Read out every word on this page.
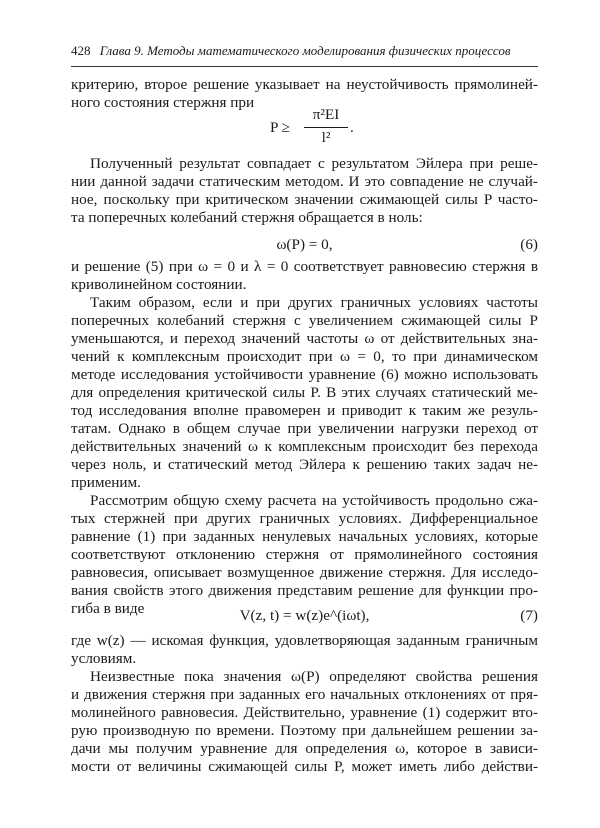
428 Глава 9. Методы математического моделирования физических процессов
критерию, второе решение указывает на неустойчивость прямолиней-
ного состояния стержня при
P ≥
π²EI
l²
.
Полученный результат совпадает с результатом Эйлера при реше-
нии данной задачи статическим методом. И это совпадение не случай-
ное, поскольку при критическом значении сжимающей силы P часто-
та поперечных колебаний стержня обращается в ноль:
ω(P) = 0,	(6)
и решение (5) при ω = 0 и λ = 0 соответствует равновесию стержня в
криволинейном состоянии.
Таким образом, если и при других граничных условиях частоты
поперечных колебаний стержня с увеличением сжимающей силы P
уменьшаются, и переход значений частоты ω от действительных зна-
чений к комплексным происходит при ω = 0, то при динамическом
методе исследования устойчивости уравнение (6) можно использовать
для определения критической силы P. В этих случаях статический ме-
тод исследования вполне правомерен и приводит к таким же резуль-
татам. Однако в общем случае при увеличении нагрузки переход от
действительных значений ω к комплексным происходит без перехода
через ноль, и статический метод Эйлера к решению таких задач не-
применим.
Рассмотрим общую схему расчета на устойчивость продольно сжа-
тых стержней при других граничных условиях. Дифференциальное
равнение (1) при заданных ненулевых начальных условиях, которые
соответствуют отклонению стержня от прямолинейного состояния
равновесия, описывает возмущенное движение стержня. Для исследо-
вания свойств этого движения представим решение для функции про-
гиба в виде	V(z, t) = w(z)e^(iωt),	(7)
где w(z) — искомая функция, удовлетворяющая заданным граничным
условиям.
Неизвестные пока значения ω(P) определяют свойства решения
и движения стержня при заданных его начальных отклонениях от пря-
молинейного равновесия. Действительно, уравнение (1) содержит вто-
рую производную по времени. Поэтому при дальнейшем решении за-
дачи мы получим уравнение для определения ω, которое в зависи-
мости от величины сжимающей силы P, может иметь либо действи-
